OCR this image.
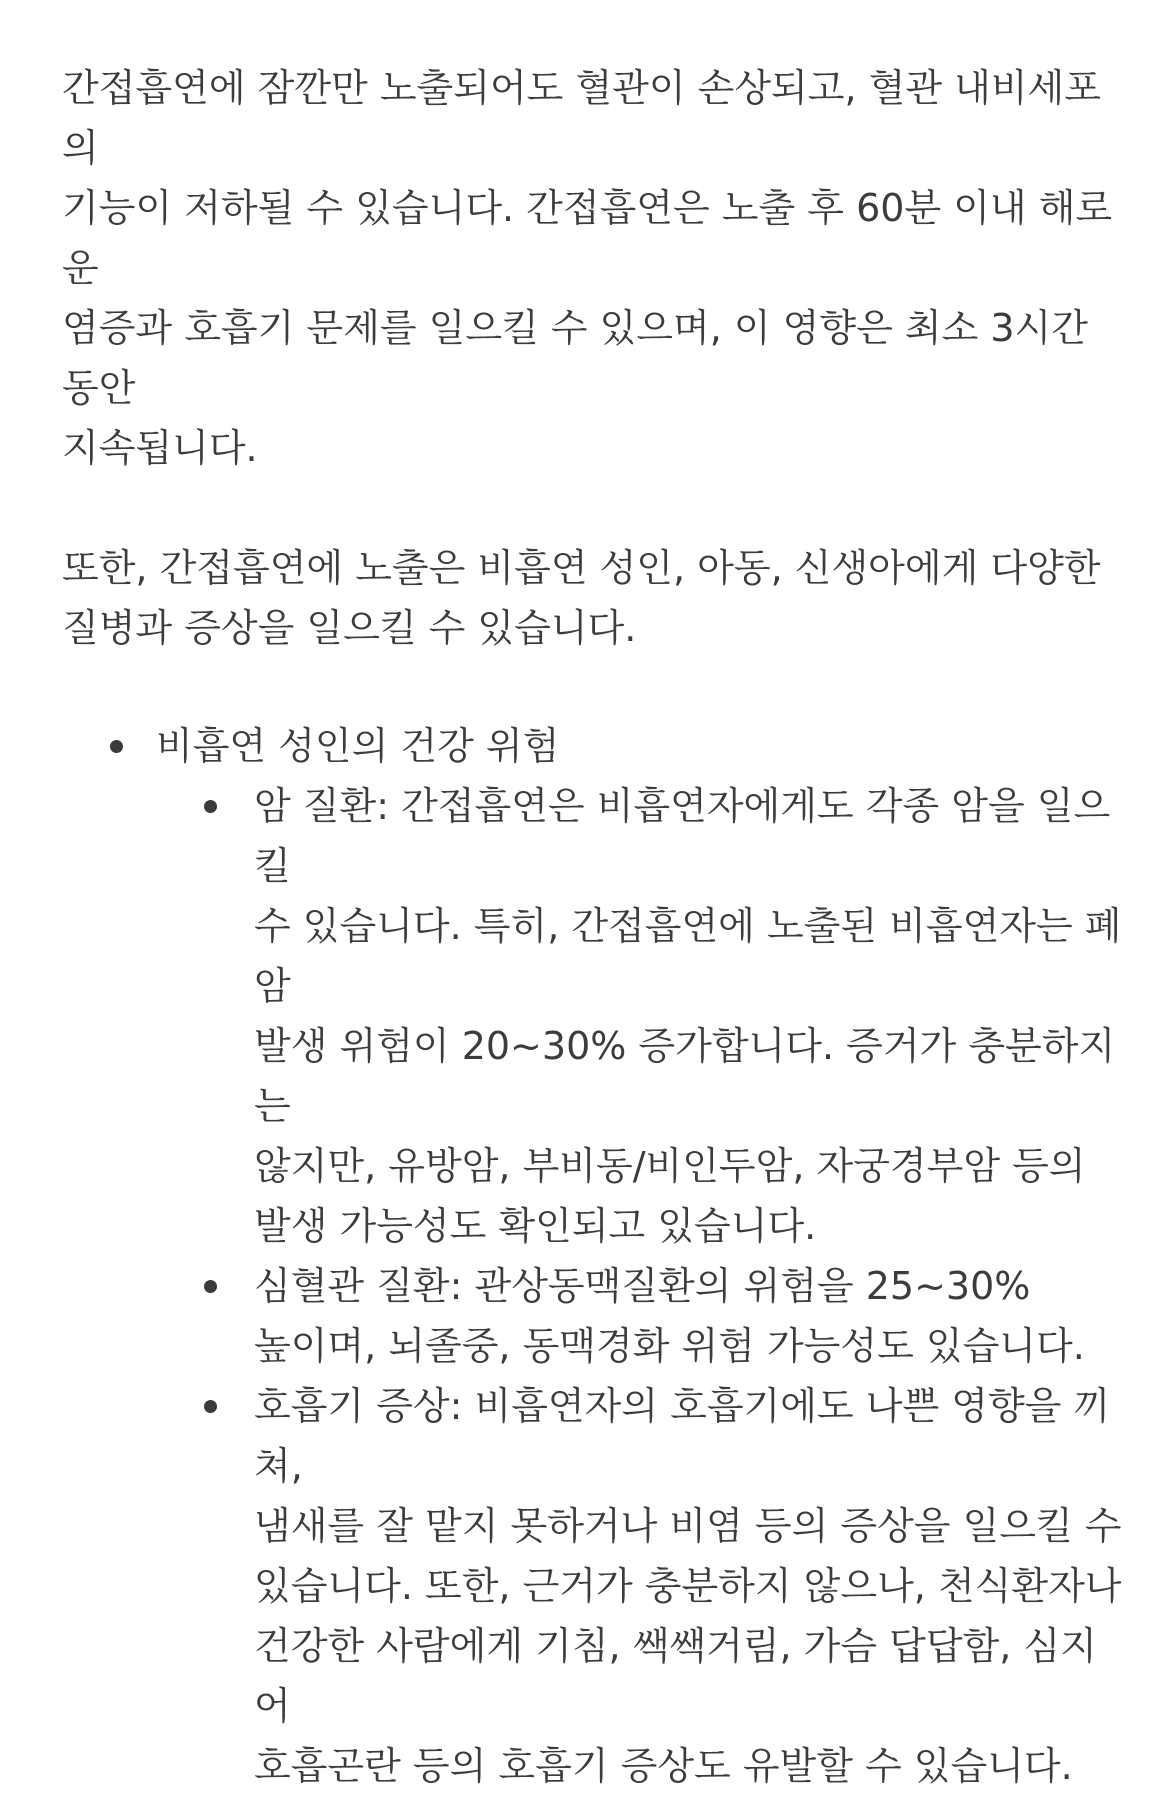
간접흡연에 잠깐만 노출되어도 혈관이 손상되고, 혈관 내비세포의
기능이 저하될 수 있습니다. 간접흡연은 노출 후 60분 이내 해로운
염증과 호흡기 문제를 일으킬 수 있으며, 이 영향은 최소 3시간 동안
지속됩니다.

또한, 간접흡연에 노출은 비흡연 성인, 아동, 신생아에게 다양한
질병과 증상을 일으킬 수 있습니다.

비흡연 성인의 건강 위험
암 질환: 간접흡연은 비흡연자에게도 각종 암을 일으킬
수 있습니다. 특히, 간접흡연에 노출된 비흡연자는 폐암
발생 위험이 20~30% 증가합니다. 증거가 충분하지는
않지만, 유방암, 부비동/비인두암, 자궁경부암 등의
발생 가능성도 확인되고 있습니다.
심혈관 질환: 관상동맥질환의 위험을 25~30%
높이며, 뇌졸중, 동맥경화 위험 가능성도 있습니다.
호흡기 증상: 비흡연자의 호흡기에도 나쁜 영향을 끼쳐,
냄새를 잘 맡지 못하거나 비염 등의 증상을 일으킬 수
있습니다. 또한, 근거가 충분하지 않으나, 천식환자나
건강한 사람에게 기침, 쌕쌕거림, 가슴 답답함, 심지어
호흡곤란 등의 호흡기 증상도 유발할 수 있습니다.
